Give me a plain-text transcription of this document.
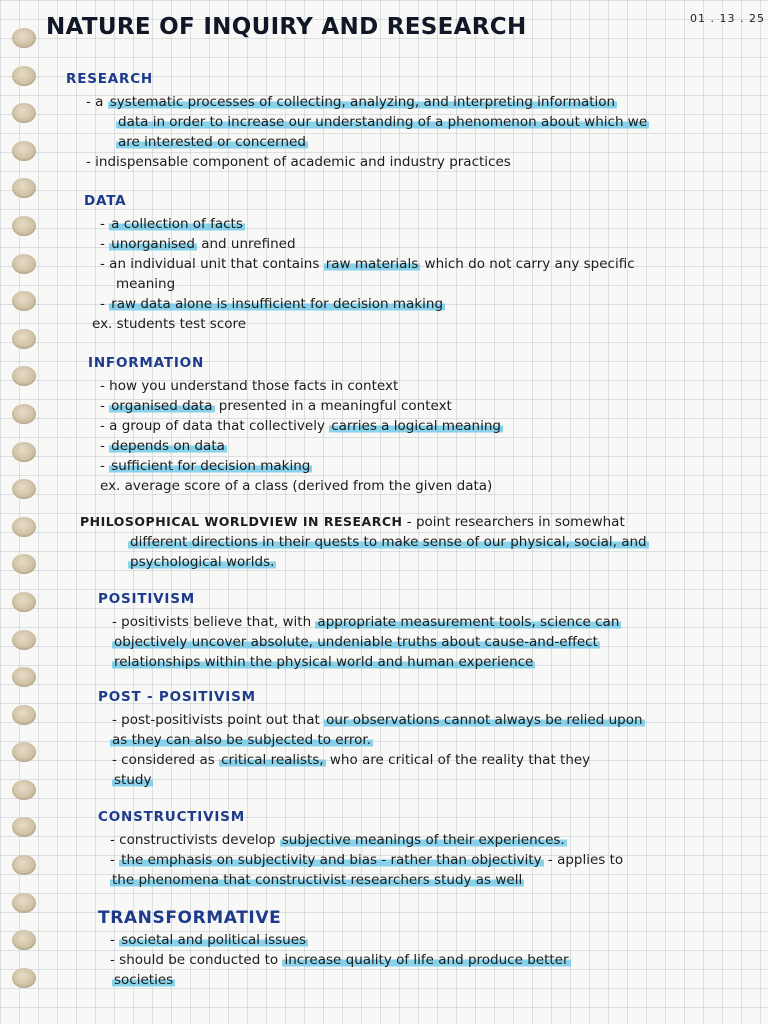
NATURE OF INQUIRY AND RESEARCH	01 . 13 . 25
RESEARCH

- a systematic processes of collecting, analyzing, and interpreting information

data in order to increase our understanding of a phenomenon about which we

are interested or concerned

- indispensable component of academic and industry practices

DATA

- a collection of facts

- unorganised and unrefined

- an individual unit that contains raw materials which do not carry any specific

meaning

- raw data alone is insufficient for decision making

ex. students test score

INFORMATION

- how you understand those facts in context

- organised data presented in a meaningful context

- a group of data that collectively carries a logical meaning

- depends on data

- sufficient for decision making

ex. average score of a class (derived from the given data)

PHILOSOPHICAL WORLDVIEW IN RESEARCH - point researchers in somewhat

different directions in their quests to make sense of our physical, social, and

psychological worlds.

POSITIVISM

- positivists believe that, with appropriate measurement tools, science can

objectively uncover absolute, undeniable truths about cause-and-effect

relationships within the physical world and human experience

POST - POSITIVISM

- post-positivists point out that our observations cannot always be relied upon

as they can also be subjected to error.

- considered as critical realists, who are critical of the reality that they

study

CONSTRUCTIVISM

- constructivists develop subjective meanings of their experiences.

- the emphasis on subjectivity and bias - rather than objectivity - applies to

the phenomena that constructivist researchers study as well

TRANSFORMATIVE

- societal and political issues

- should be conducted to increase quality of life and produce better

societies
